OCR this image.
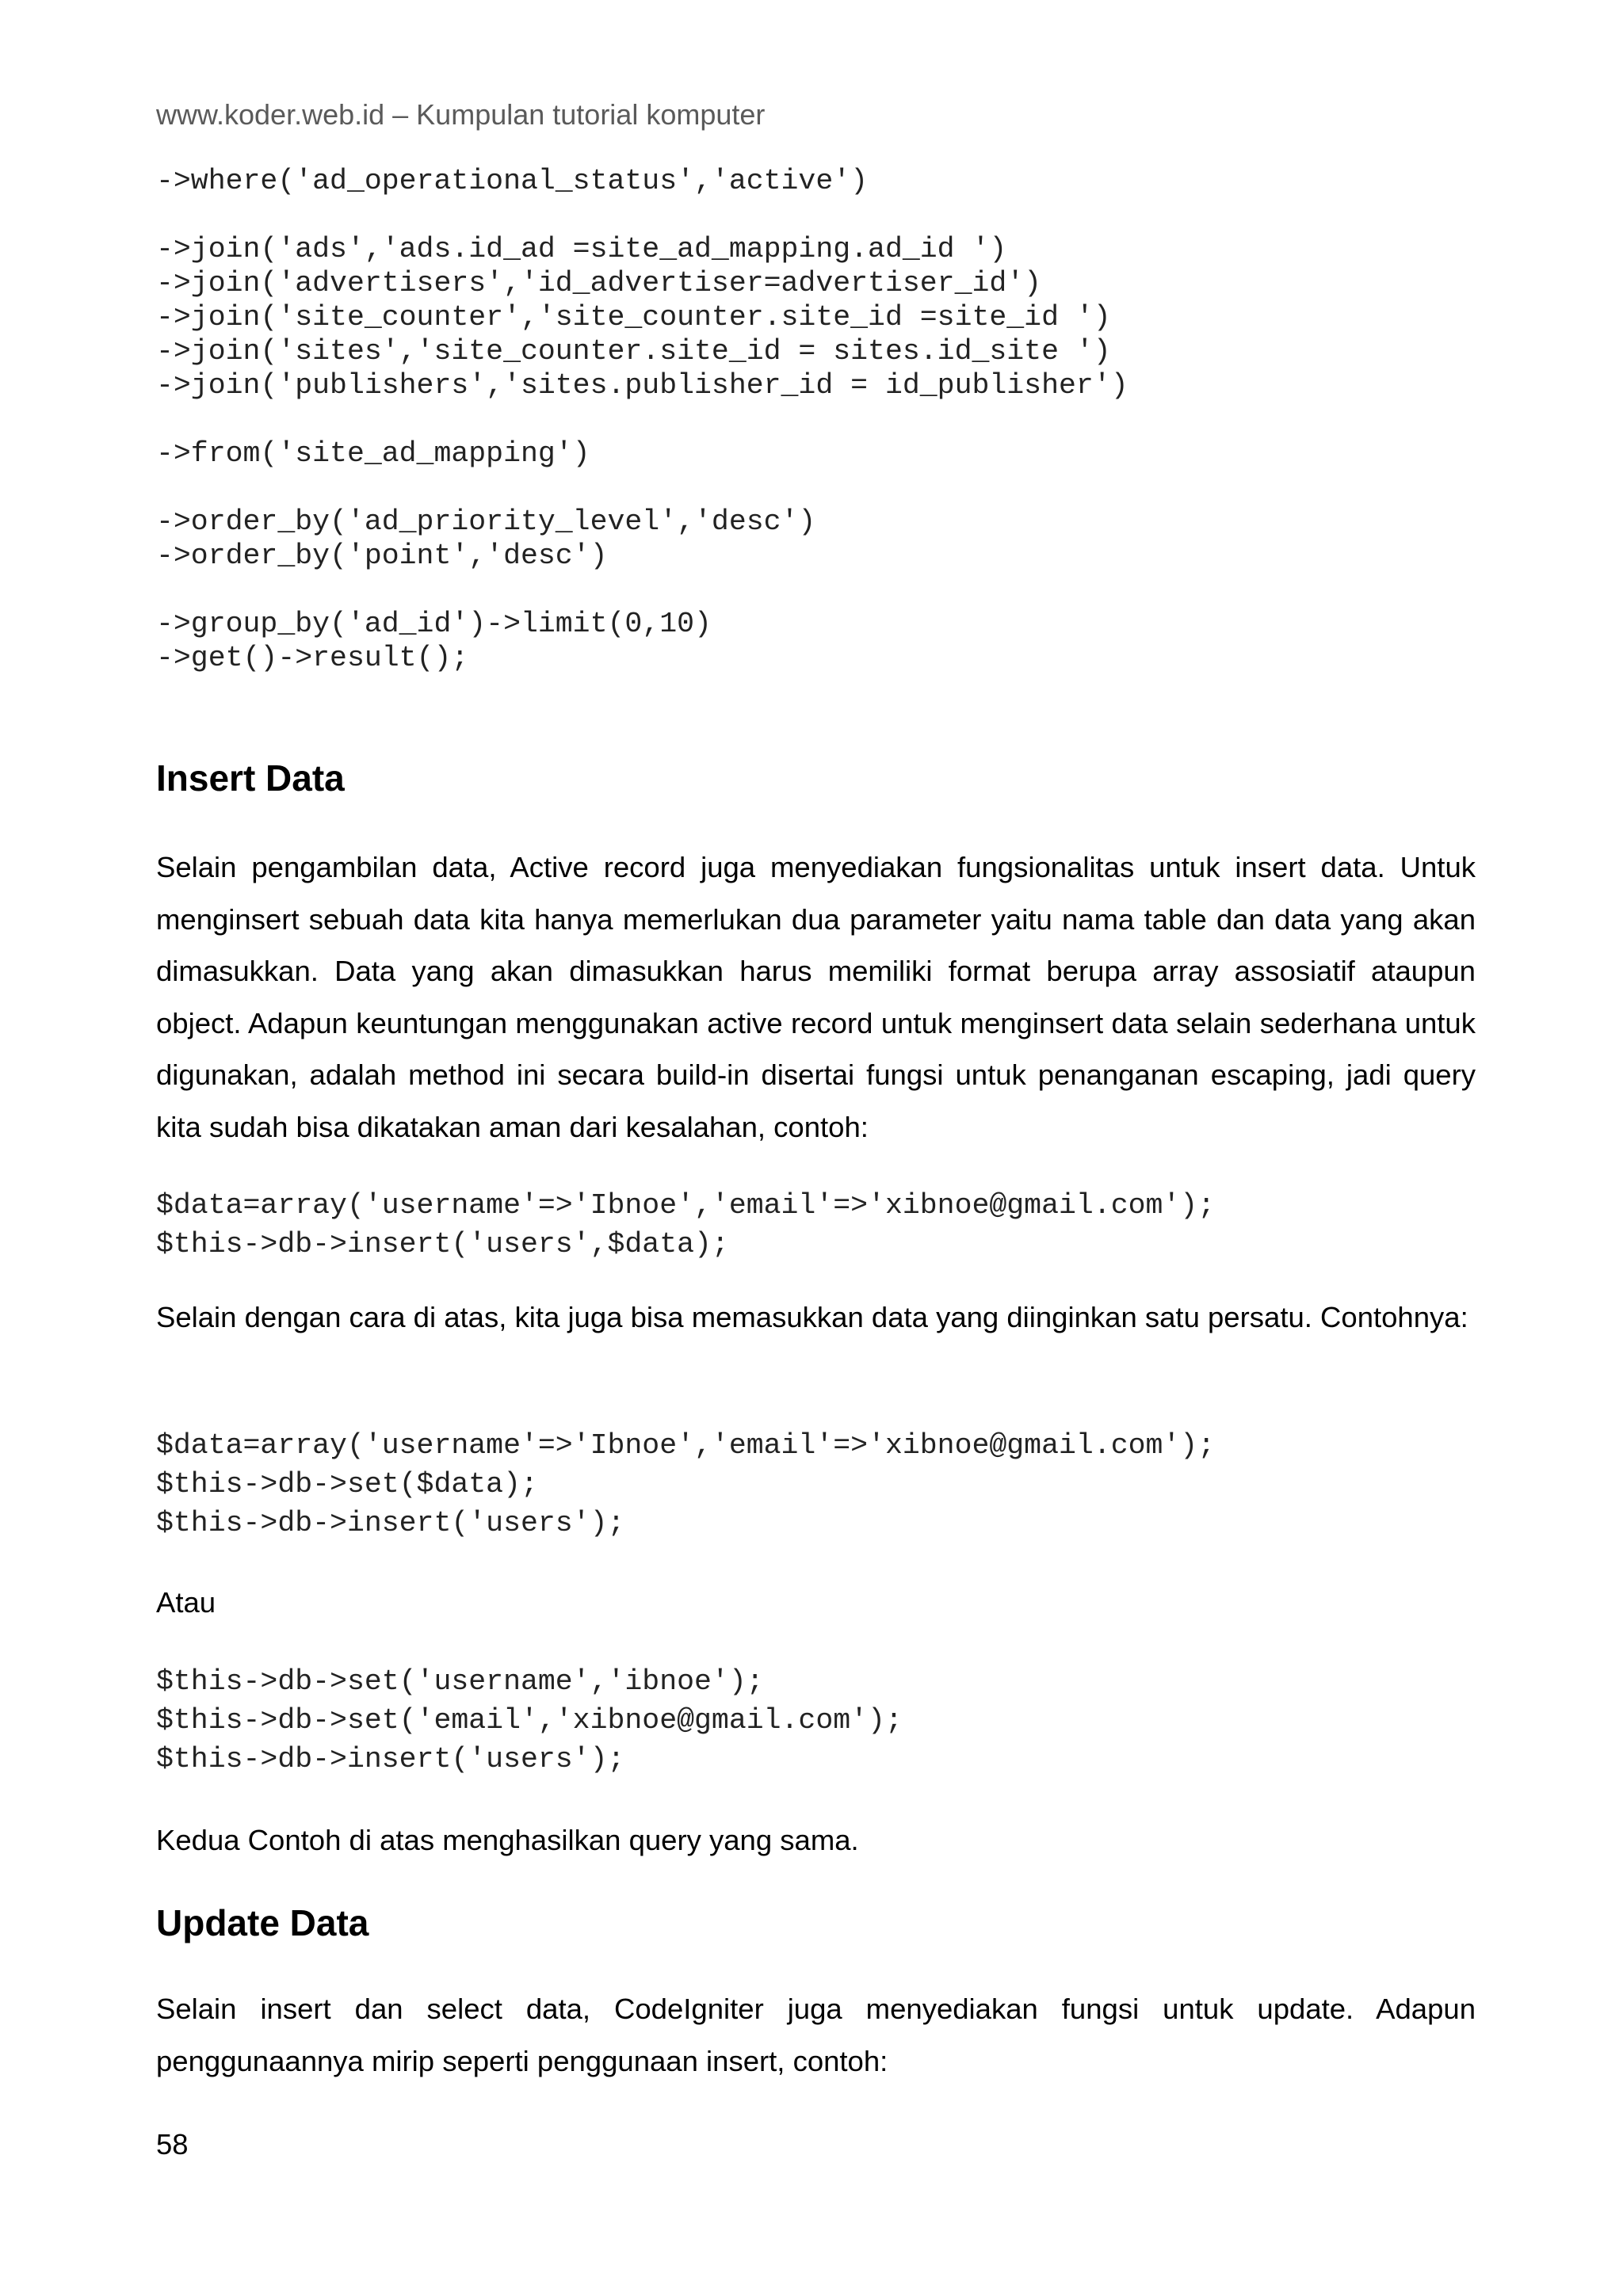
www.koder.web.id – Kumpulan tutorial komputer
->where('ad_operational_status','active')
->join('ads','ads.id_ad =site_ad_mapping.ad_id ')
->join('advertisers','id_advertiser=advertiser_id')
->join('site_counter','site_counter.site_id =site_id ')
->join('sites','site_counter.site_id = sites.id_site ')
->join('publishers','sites.publisher_id = id_publisher')
->from('site_ad_mapping')
->order_by('ad_priority_level','desc')
->order_by('point','desc')
->group_by('ad_id')->limit(0,10)
->get()->result();
Insert Data

Selain pengambilan data, Active record juga menyediakan fungsionalitas untuk insert data. Untuk menginsert sebuah data kita hanya memerlukan dua parameter yaitu nama table dan data yang akan dimasukkan. Data yang akan dimasukkan harus memiliki format berupa array assosiatif ataupun object. Adapun keuntungan menggunakan active record untuk menginsert data selain sederhana untuk digunakan, adalah method ini secara build-in disertai fungsi untuk penanganan escaping, jadi query kita sudah bisa dikatakan aman dari kesalahan, contoh:

$data=array('username'=>'Ibnoe','email'=>'xibnoe@gmail.com');
$this->db->insert('users',$data);

Selain dengan cara di atas, kita juga bisa memasukkan data yang diinginkan satu persatu. Contohnya:

$data=array('username'=>'Ibnoe','email'=>'xibnoe@gmail.com');
$this->db->set($data);
$this->db->insert('users');
Atau
$this->db->set('username','ibnoe');
$this->db->set('email','xibnoe@gmail.com');
$this->db->insert('users');
Kedua Contoh di atas menghasilkan query yang sama.
Update Data

Selain insert dan select data, CodeIgniter juga menyediakan fungsi untuk update. Adapun penggunaannya mirip seperti penggunaan insert, contoh:

58
